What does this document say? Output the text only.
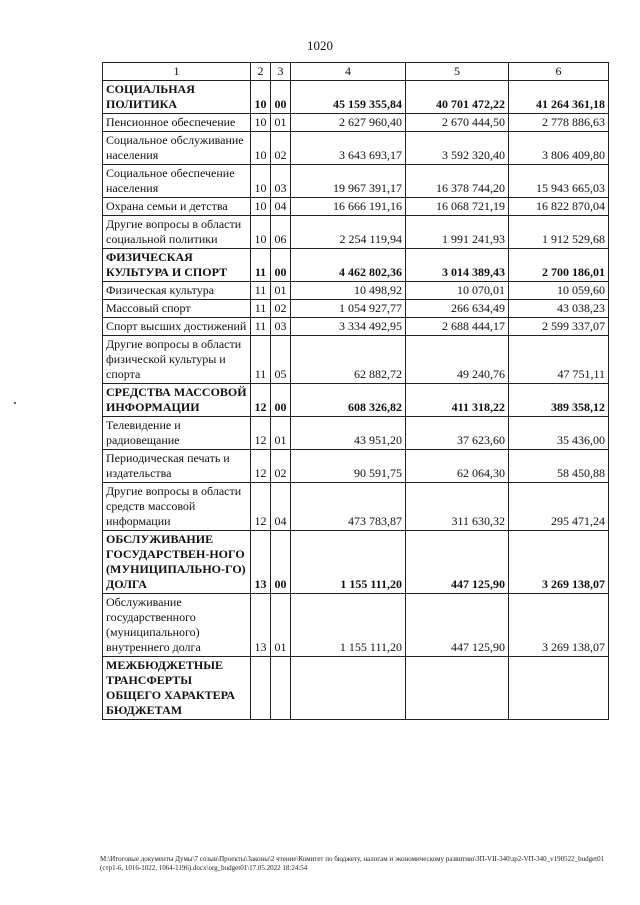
1020
1	2	3	4	5	6
СОЦИАЛЬНАЯ ПОЛИТИКА	10	00	45 159 355,84	40 701 472,22	41 264 361,18
Пенсионное обеспечение	10	01	2 627 960,40	2 670 444,50	2 778 886,63
Социальное обслуживание населения	10	02	3 643 693,17	3 592 320,40	3 806 409,80
Социальное обеспечение населения	10	03	19 967 391,17	16 378 744,20	15 943 665,03
Охрана семьи и детства	10	04	16 666 191,16	16 068 721,19	16 822 870,04
Другие вопросы в области социальной политики	10	06	2 254 119,94	1 991 241,93	1 912 529,68
ФИЗИЧЕСКАЯ КУЛЬТУРА И СПОРТ	11	00	4 462 802,36	3 014 389,43	2 700 186,01
Физическая культура	11	01	10 498,92	10 070,01	10 059,60
Массовый спорт	11	02	1 054 927,77	266 634,49	43 038,23
Спорт высших достижений	11	03	3 334 492,95	2 688 444,17	2 599 337,07
Другие вопросы в области физической культуры и спорта	11	05	62 882,72	49 240,76	47 751,11
СРЕДСТВА МАССОВОЙ ИНФОРМАЦИИ	12	00	608 326,82	411 318,22	389 358,12
Телевидение и радиовещание	12	01	43 951,20	37 623,60	35 436,00
Периодическая печать и издательства	12	02	90 591,75	62 064,30	58 450,88
Другие вопросы в области средств массовой информации	12	04	473 783,87	311 630,32	295 471,24
ОБСЛУЖИВАНИЕ ГОСУДАРСТВЕН-НОГО (МУНИЦИПАЛЬНО-ГО) ДОЛГА	13	00	1 155 111,20	447 125,90	3 269 138,07
Обслуживание государственного (муниципального) внутреннего долга	13	01	1 155 111,20	447 125,90	3 269 138,07
МЕЖБЮДЖЕТНЫЕ ТРАНСФЕРТЫ ОБЩЕГО ХАРАКТЕРА БЮДЖЕТАМ					
M:\Итоговые документы Думы\7 созыв\Проекты\Законы\2 чтение\Комитет по бюджету, налогам и экономическому развитию\ЗП-VII-340\зр2-VП-340_v190522_budget01 (стр1-6, 1016-1022, 1064-1196).docx\org_budget01\17.05.2022 18:24:54
